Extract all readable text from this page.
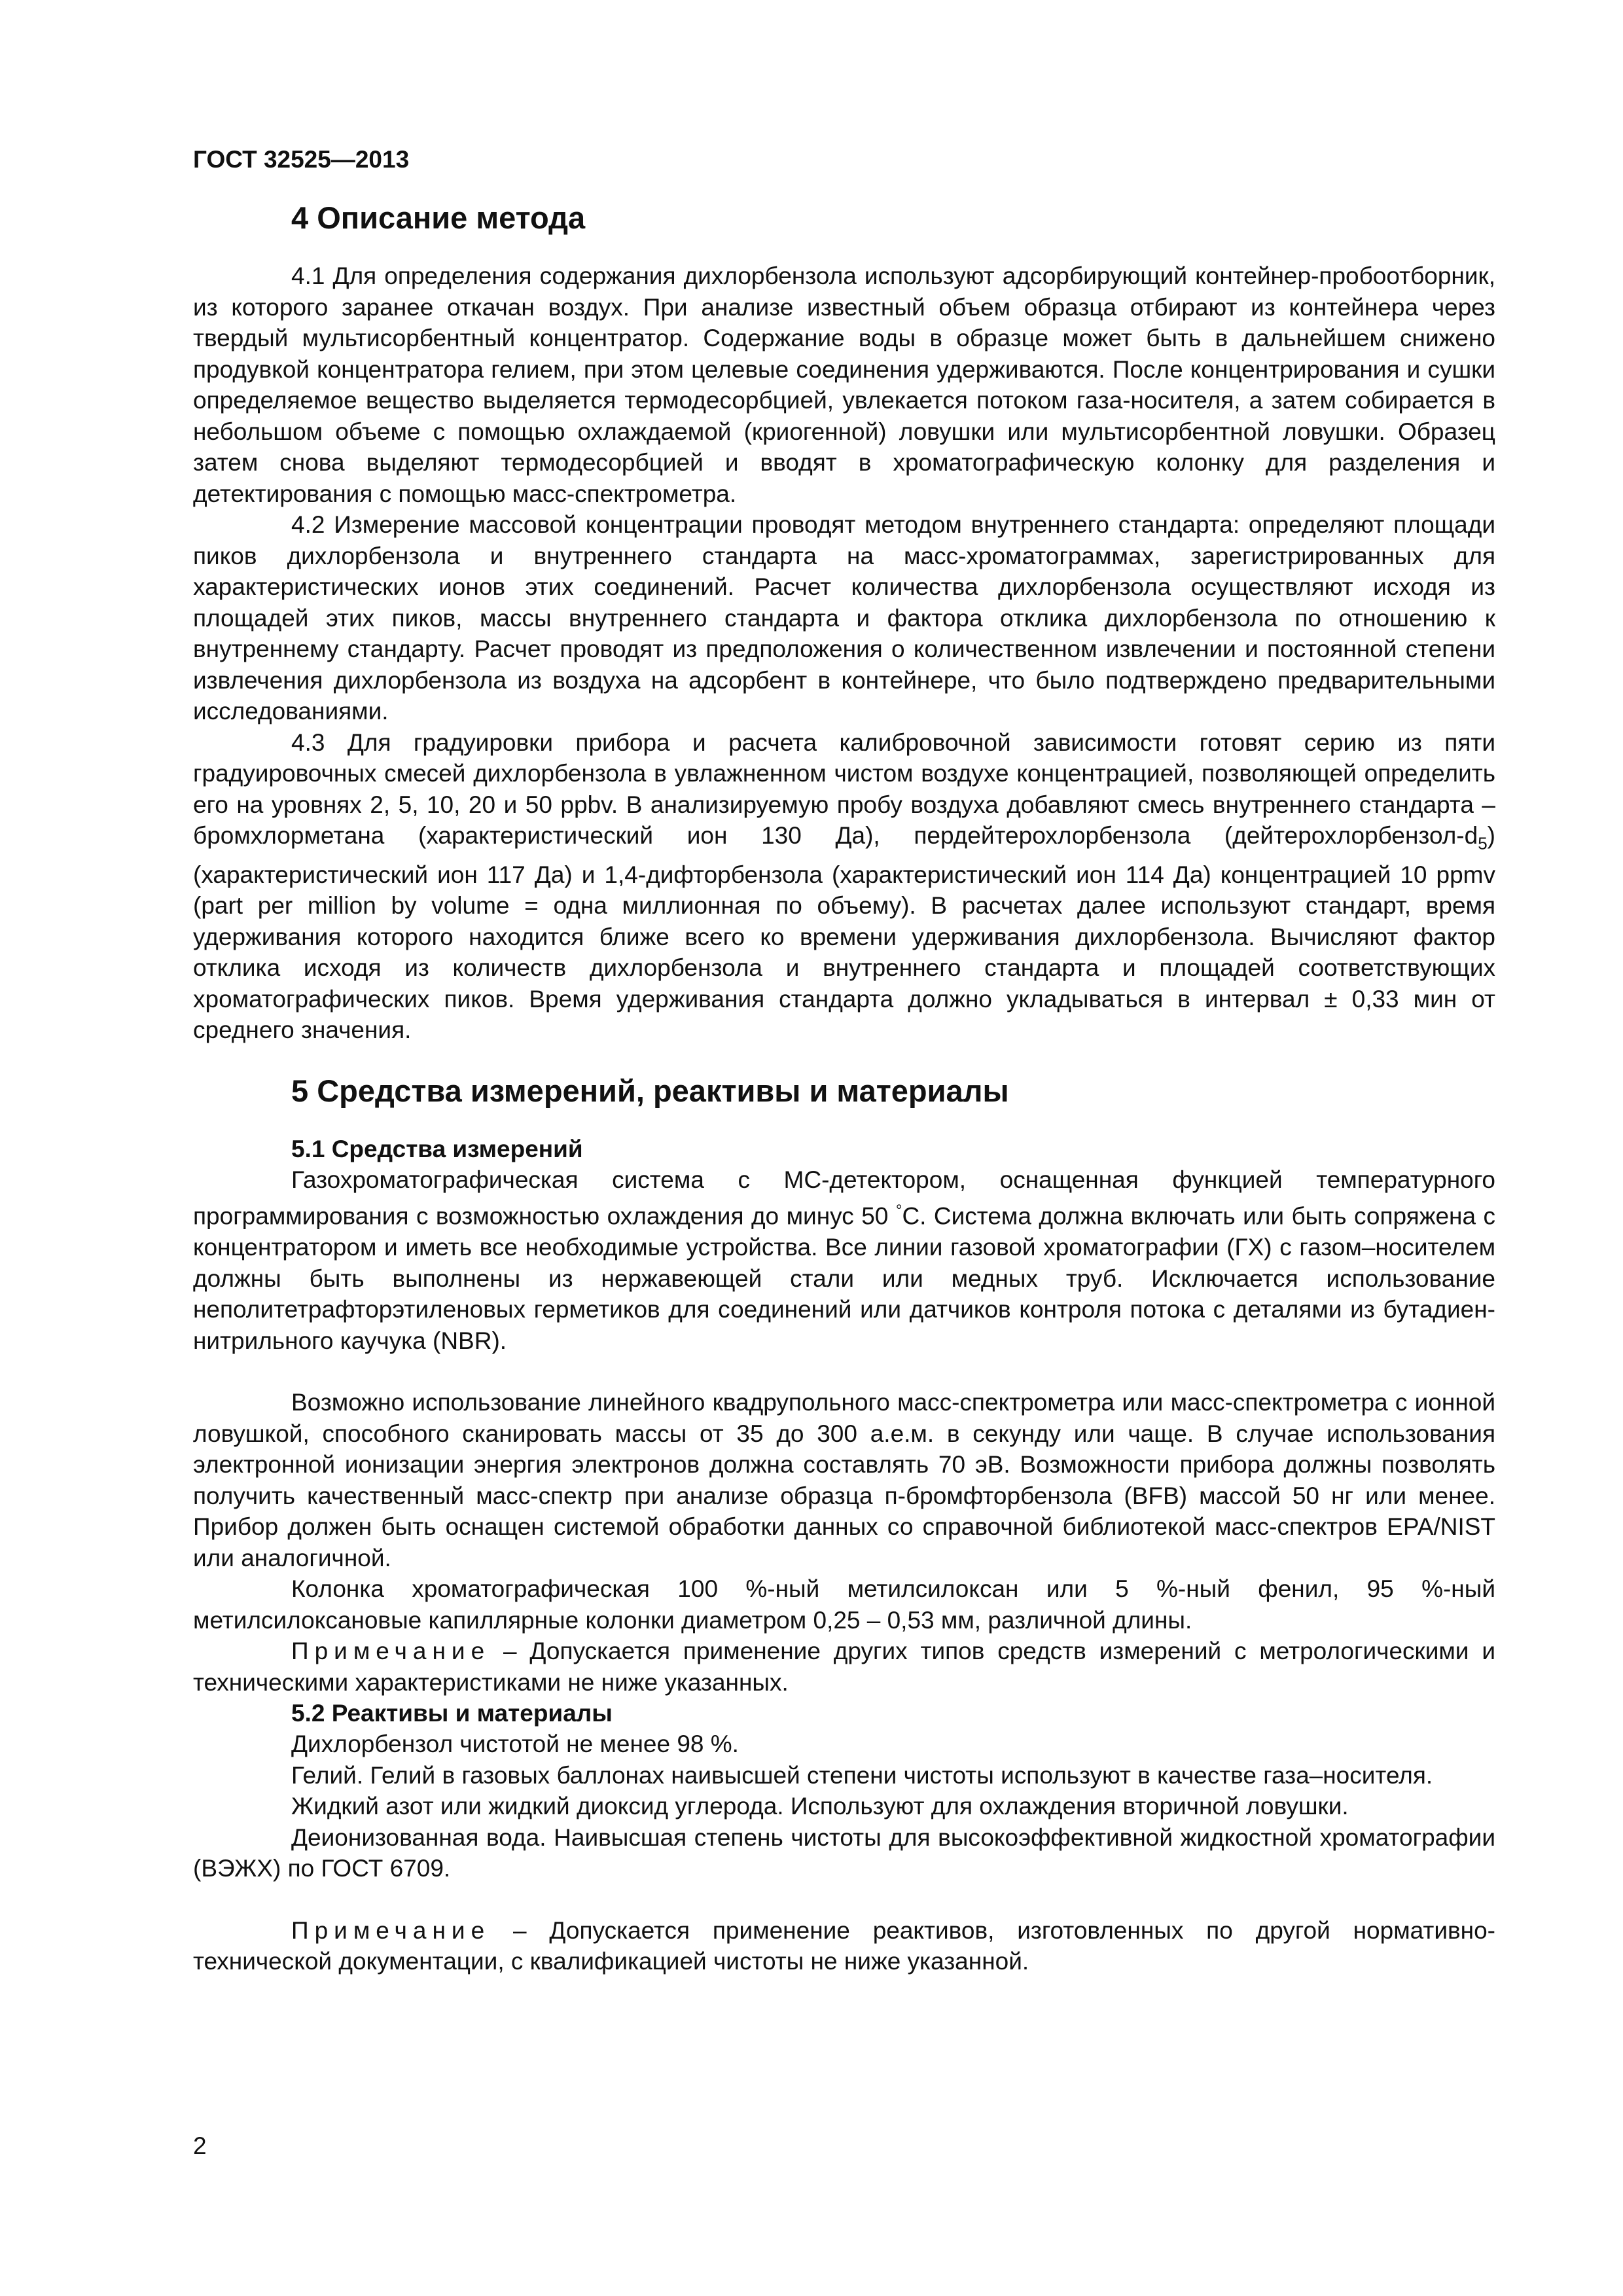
ГОСТ 32525—2013
4 Описание метода

4.1 Для определения содержания дихлорбензола используют адсорбирующий контейнер-пробоотборник, из которого заранее откачан воздух. При анализе известный объем образца отбирают из контейнера через твердый мультисорбентный концентратор. Содержание воды в образце может быть в дальнейшем снижено продувкой концентратора гелием, при этом целевые соединения удерживаются. После концентрирования и сушки определяемое вещество выделяется термодесорбцией, увлекается потоком газа-носителя, а затем собирается в небольшом объеме с помощью охлаждаемой (криогенной) ловушки или мультисорбентной ловушки. Образец затем снова выделяют термодесорбцией и вводят в хроматографическую колонку для разделения и детектирования с помощью масс-спектрометра.

4.2 Измерение массовой концентрации проводят методом внутреннего стандарта: определяют площади пиков дихлорбензола и внутреннего стандарта на масс-хроматограммах, зарегистрированных для характеристических ионов этих соединений. Расчет количества дихлорбензола осуществляют исходя из площадей этих пиков, массы внутреннего стандарта и фактора отклика дихлорбензола по отношению к внутреннему стандарту. Расчет проводят из предположения о количественном извлечении и постоянной степени извлечения дихлорбензола из воздуха на адсорбент в контейнере, что было подтверждено предварительными исследованиями.

4.3 Для градуировки прибора и расчета калибровочной зависимости готовят серию из пяти градуировочных смесей дихлорбензола в увлажненном чистом воздухе концентрацией, позволяющей определить его на уровнях 2, 5, 10, 20 и 50 ppbv. В анализируемую пробу воздуха добавляют смесь внутреннего стандарта – бромхлорметана (характеристический ион 130 Да), пердейтерохлорбензола $(дейтерохлорбензол-d_5)$ (характеристический ион 117 Да) и 1,4-дифторбензола (характеристический ион 114 Да) концентрацией 10 ppmv (part per million by volume = одна миллионная по объему). В расчетах далее используют стандарт, время удерживания которого находится ближе всего ко времени удерживания дихлорбензола. Вычисляют фактор отклика исходя из количеств дихлорбензола и внутреннего стандарта и площадей соответствующих хроматографических пиков. Время удерживания стандарта должно укладываться в интервал ± 0,33 мин от среднего значения.

5 Средства измерений, реактивы и материалы
5.1 Средства измерений

Газохроматографическая система с МС-детектором, оснащенная функцией температурного программирования с возможностью охлаждения до минус 50 °С. Система должна включать или быть сопряжена с концентратором и иметь все необходимые устройства. Все линии газовой хроматографии (ГХ) с газом–носителем должны быть выполнены из нержавеющей стали или медных труб. Исключается использование неполитетрафторэтиленовых герметиков для соединений или датчиков контроля потока с деталями из бутадиен-нитрильного каучука (NBR).

Возможно использование линейного квадрупольного масс-спектрометра или масс-спектрометра с ионной ловушкой, способного сканировать массы от 35 до 300 а.е.м. в секунду или чаще. В случае использования электронной ионизации энергия электронов должна составлять 70 эВ. Возможности прибора должны позволять получить качественный масс-спектр при анализе образца п-бромфторбензола (BFB) массой 50 нг или менее. Прибор должен быть оснащен системой обработки данных со справочной библиотекой масс-спектров EPA/NIST или аналогичной.

Колонка хроматографическая 100 %-ный метилсилоксан или 5 %-ный фенил, 95 %-ный метилсилоксановые капиллярные колонки диаметром 0,25 – 0,53 мм, различной длины.

Примечание – Допускается применение других типов средств измерений с метрологическими и техническими характеристиками не ниже указанных.

5.2 Реактивы и материалы

Дихлорбензол чистотой не менее 98 %.

Гелий. Гелий в газовых баллонах наивысшей степени чистоты используют в качестве газа–носителя.

Жидкий азот или жидкий диоксид углерода. Используют для охлаждения вторичной ловушки.

Деионизованная вода. Наивысшая степень чистоты для высокоэффективной жидкостной хроматографии (ВЭЖХ) по ГОСТ 6709.

Примечание – Допускается применение реактивов, изготовленных по другой нормативно-технической документации, с квалификацией чистоты не ниже указанной.

2
